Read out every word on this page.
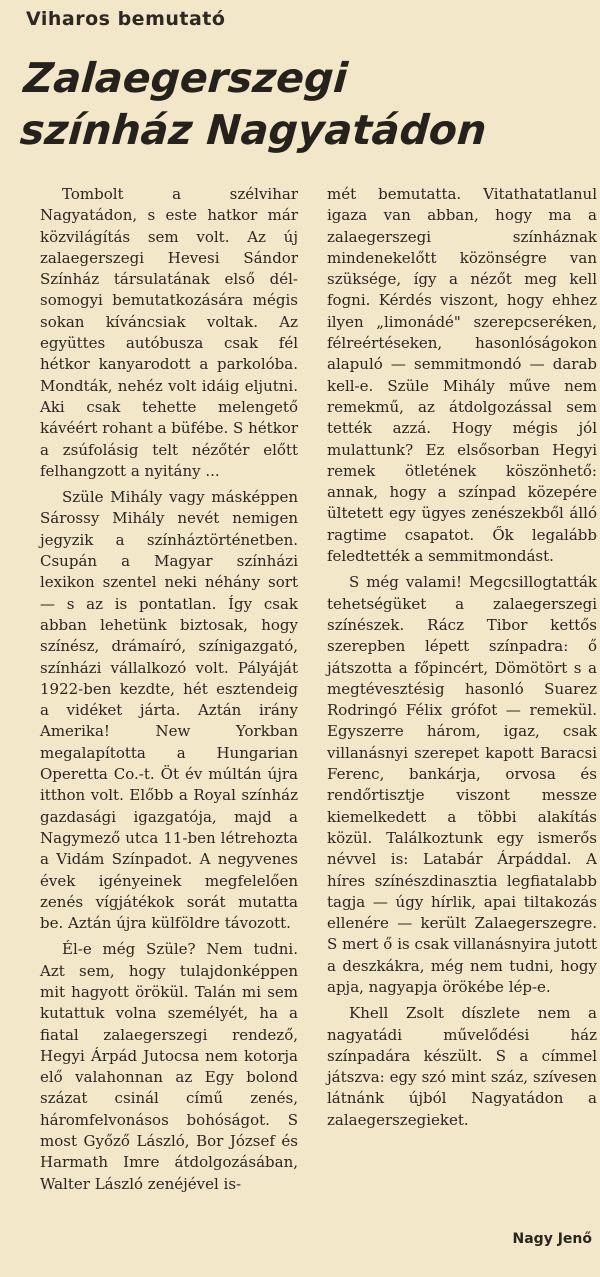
Viharos bemutató
Zalaegerszegi
színház Nagyatádon

Tombolt a szélvihar Nagyatádon, s este hatkor már közvilágítás sem volt. Az új zalaegerszegi Hevesi Sándor Színház társulatának első dél-somogyi bemutatkozására mégis sokan kíváncsiak voltak. Az együttes autóbusza csak fél hétkor kanyarodott a parkolóba. Mondták, nehéz volt idáig eljutni. Aki csak tehette melengető kávéért rohant a büfébe. S hétkor a zsúfolásig telt nézőtér előtt felhangzott a nyitány ...

Szüle Mihály vagy másképpen Sárossy Mihály nevét nemigen jegyzik a színháztörténetben. Csupán a Magyar színházi lexikon szentel neki néhány sort — s az is pontatlan. Így csak abban lehetünk biztosak, hogy színész, drámaíró, színigazgató, színházi vállalkozó volt. Pályáját 1922-ben kezdte, hét esztendeig a vidéket járta. Aztán irány Amerika! New Yorkban megalapította a Hungarian Operetta Co.-t. Öt év múltán újra itthon volt. Előbb a Royal színház gazdasági igazgatója, majd a Nagymező utca 11-ben létrehozta a Vidám Színpadot. A negyvenes évek igényeinek megfelelően zenés vígjátékok sorát mutatta be. Aztán újra külföldre távozott.

Él-e még Szüle? Nem tudni. Azt sem, hogy tulajdonképpen mit hagyott örökül. Talán mi sem kutattuk volna személyét, ha a fiatal zalaegerszegi rendező, Hegyi Árpád Jutocsa nem kotorja elő valahonnan az Egy bolond százat csinál című zenés, háromfelvonásos bohóságot. S most Győző László, Bor József és Harmath Imre átdolgozásában, Walter László zenéjével is-

mét bemutatta. Vitathatatlanul igaza van abban, hogy ma a zalaegerszegi színháznak mindenekelőtt közönségre van szüksége, így a nézőt meg kell fogni. Kérdés viszont, hogy ehhez ilyen „limonádé" szerepcseréken, félreértéseken, hasonlóságokon alapuló — semmitmondó — darab kell-e. Szüle Mihály műve nem remekmű, az átdolgozással sem tették azzá. Hogy mégis jól mulattunk? Ez elsősorban Hegyi remek ötletének köszönhető: annak, hogy a színpad közepére ültetett egy ügyes zenészekből álló ragtime csapatot. Ők legalább feledtették a semmitmondást.

S még valami! Megcsillogtatták tehetségüket a zalaegerszegi színészek. Rácz Tibor kettős szerepben lépett színpadra: ő játszotta a főpincért, Dömötört s a megtévesztésig hasonló Suarez Rodringó Félix grófot — remekül. Egyszerre három, igaz, csak villanásnyi szerepet kapott Baracsi Ferenc, bankárja, orvosa és rendőrtisztje viszont messze kiemelkedett a többi alakítás közül. Találkoztunk egy ismerős névvel is: Latabár Árpáddal. A híres színészdinasztia legfiatalabb tagja — úgy hírlik, apai tiltakozás ellenére — került Zalaegerszegre. S mert ő is csak villanásnyira jutott a deszkákra, még nem tudni, hogy apja, nagyapja örökébe lép-e.

Khell Zsolt díszlete nem a nagyatádi művelődési ház színpadára készült. S a címmel játszva: egy szó mint száz, szívesen látnánk újból Nagyatádon a zalaegerszegieket.

Nagy Jenő
